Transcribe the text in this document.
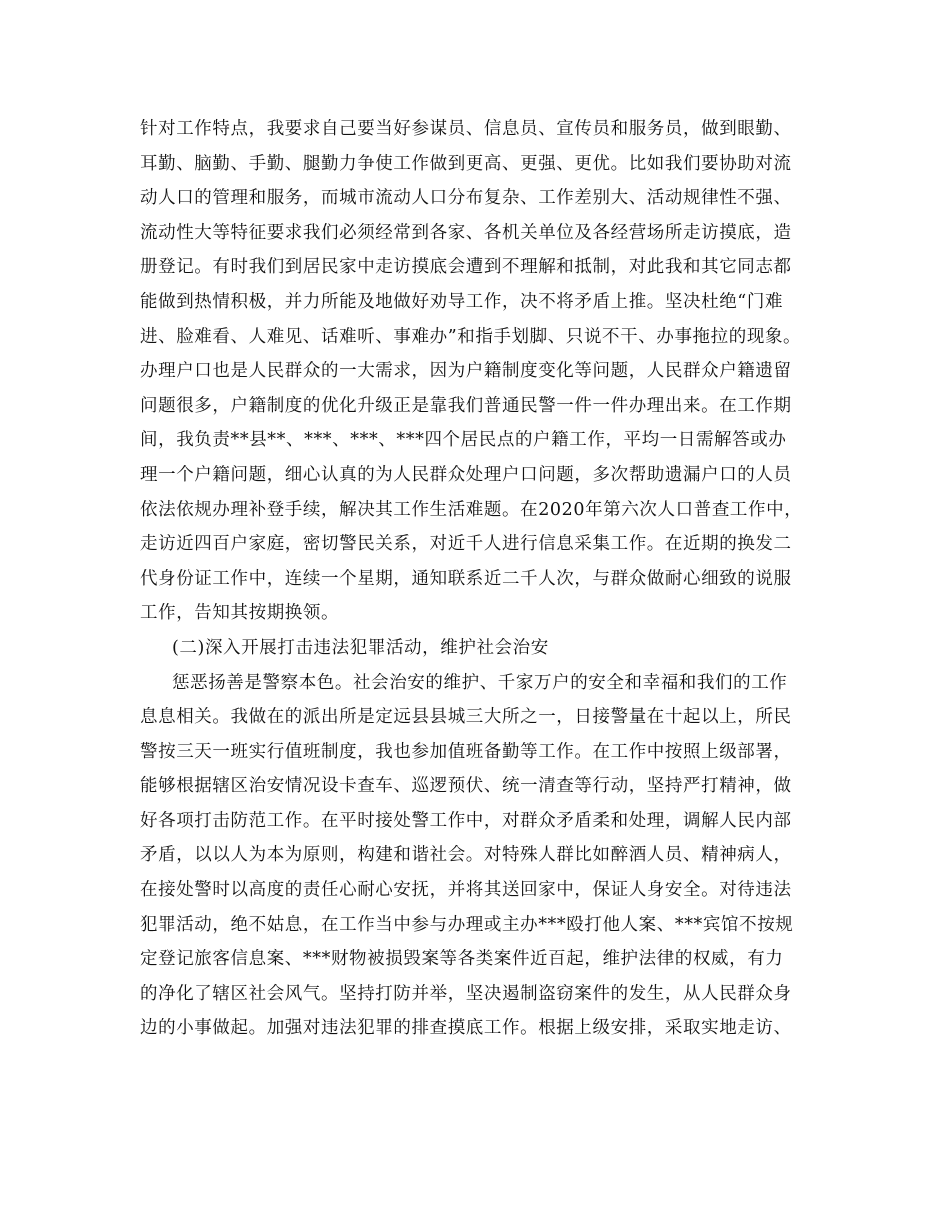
针对工作特点，我要求自己要当好参谋员、信息员、宣传员和服务员，做到眼勤、
耳勤、脑勤、手勤、腿勤力争使工作做到更高、更强、更优。比如我们要协助对流
动人口的管理和服务，而城市流动人口分布复杂、工作差别大、活动规律性不强、
流动性大等特征要求我们必须经常到各家、各机关单位及各经营场所走访摸底，造
册登记。有时我们到居民家中走访摸底会遭到不理解和抵制，对此我和其它同志都
能做到热情积极，并力所能及地做好劝导工作，决不将矛盾上推。坚决杜绝“门难
进、脸难看、人难见、话难听、事难办”和指手划脚、只说不干、办事拖拉的现象。
办理户口也是人民群众的一大需求，因为户籍制度变化等问题，人民群众户籍遗留
问题很多，户籍制度的优化升级正是靠我们普通民警一件一件办理出来。在工作期
间，我负责**县**、***、***、***四个居民点的户籍工作，平均一日需解答或办
理一个户籍问题，细心认真的为人民群众处理户口问题，多次帮助遗漏户口的人员
依法依规办理补登手续，解决其工作生活难题。在2020年第六次人口普查工作中，
走访近四百户家庭，密切警民关系，对近千人进行信息采集工作。在近期的换发二
代身份证工作中，连续一个星期，通知联系近二千人次，与群众做耐心细致的说服
工作，告知其按期换领。
(二)深入开展打击违法犯罪活动，维护社会治安
惩恶扬善是警察本色。社会治安的维护、千家万户的安全和幸福和我们的工作
息息相关。我做在的派出所是定远县县城三大所之一，日接警量在十起以上，所民
警按三天一班实行值班制度，我也参加值班备勤等工作。在工作中按照上级部署，
能够根据辖区治安情况设卡查车、巡逻预伏、统一清查等行动，坚持严打精神，做
好各项打击防范工作。在平时接处警工作中，对群众矛盾柔和处理，调解人民内部
矛盾，以以人为本为原则，构建和谐社会。对特殊人群比如醉酒人员、精神病人，
在接处警时以高度的责任心耐心安抚，并将其送回家中，保证人身安全。对待违法
犯罪活动，绝不姑息，在工作当中参与办理或主办***殴打他人案、***宾馆不按规
定登记旅客信息案、***财物被损毁案等各类案件近百起，维护法律的权威，有力
的净化了辖区社会风气。坚持打防并举，坚决遏制盗窃案件的发生，从人民群众身
边的小事做起。加强对违法犯罪的排查摸底工作。根据上级安排，采取实地走访、
